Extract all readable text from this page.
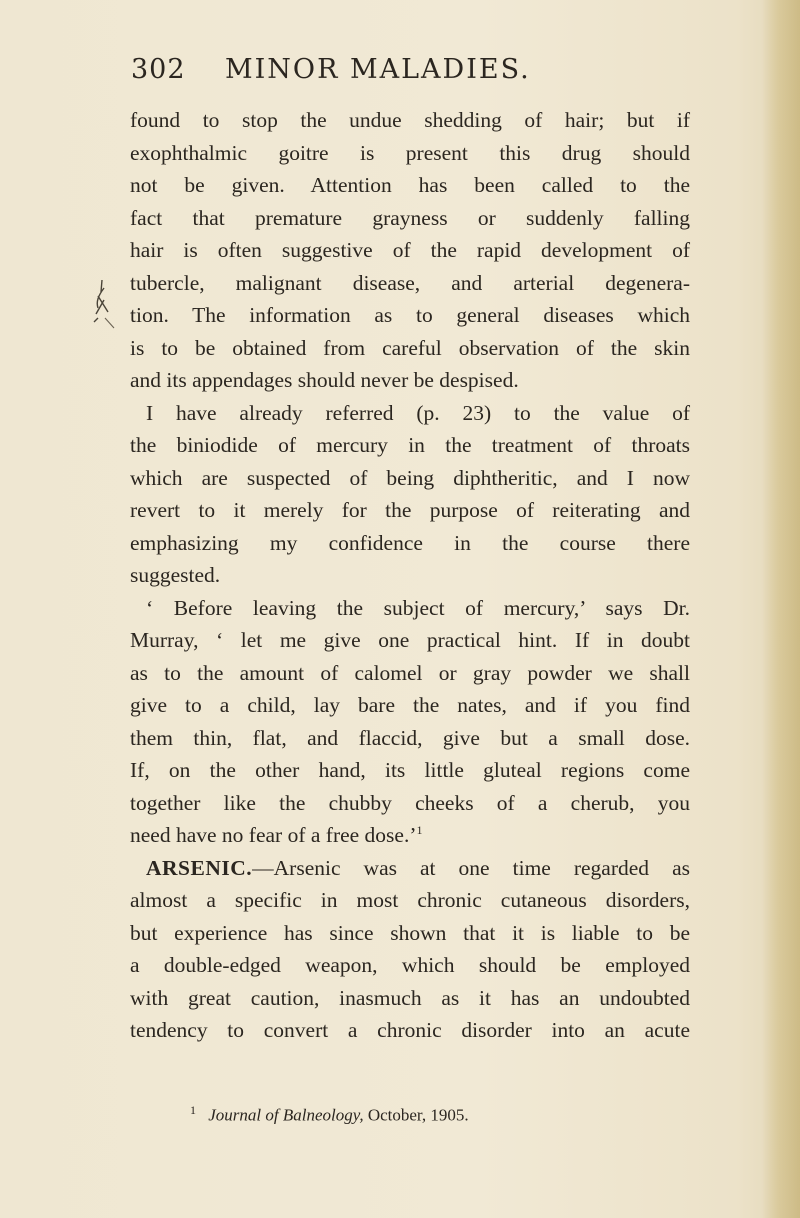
302 MINOR MALADIES.
found to stop the undue shedding of hair; but if
exophthalmic goitre is present this drug should
not be given. Attention has been called to the
fact that premature grayness or suddenly falling
hair is often suggestive of the rapid development of
tubercle, malignant disease, and arterial degenera-
tion. The information as to general diseases which
is to be obtained from careful observation of the skin
and its appendages should never be despised.
I have already referred (p. 23) to the value of
the biniodide of mercury in the treatment of throats
which are suspected of being diphtheritic, and I now
revert to it merely for the purpose of reiterating and
emphasizing my confidence in the course there
suggested.
‘ Before leaving the subject of mercury,’ says Dr.
Murray, ‘ let me give one practical hint. If in doubt
as to the amount of calomel or gray powder we shall
give to a child, lay bare the nates, and if you find
them thin, flat, and flaccid, give but a small dose.
If, on the other hand, its little gluteal regions come
together like the chubby cheeks of a cherub, you
need have no fear of a free dose.’$^1$
ARSENIC.—Arsenic was at one time regarded as
almost a specific in most chronic cutaneous disorders,
but experience has since shown that it is liable to be
a double-edged weapon, which should be employed
with great caution, inasmuch as it has an undoubted
tendency to convert a chronic disorder into an acute
$^1$ Journal of Balneology, October, 1905.
